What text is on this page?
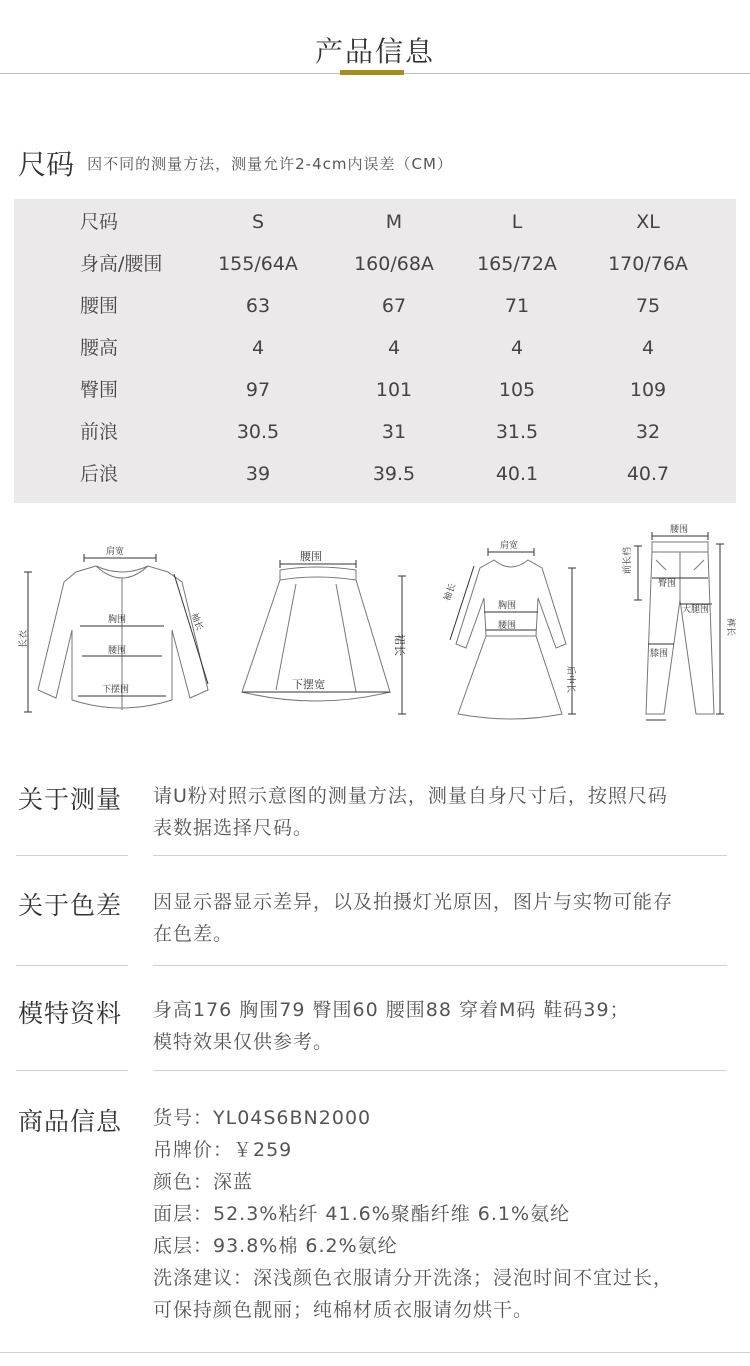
产品信息
尺码 因不同的测量方法，测量允许2-4cm内误差（CM）
尺码	S	M	L	XL
身高/腰围	155/64A	160/68A	165/72A	170/76A
腰围	63	67	71	75
腰高	4	4	4	4
臀围	97	101	105	109
前浪	30.5	31	31.5	32
后浪	39	39.5	40.1	40.7
肩宽
长衣
袖长
胸围
腰围
下摆围
腰围
裙长
下摆宽
肩宽
袖长
胸围
腰围
后中长
腰围
前长档
臀围
大腿围
裤长
膝围
关于测量 请U粉对照示意图的测量方法，测量自身尺寸后，按照尺码
表数据选择尺码。
关于色差 因显示器显示差异，以及拍摄灯光原因，图片与实物可能存
在色差。
模特资料 身高176 胸围79 臀围60 腰围88 穿着M码 鞋码39；
模特效果仅供参考。
商品信息 货号：YL04S6BN2000
吊牌价：￥259
颜色：深蓝
面层：52.3%粘纤 41.6%聚酯纤维 6.1%氨纶
底层：93.8%棉 6.2%氨纶
洗涤建议：深浅颜色衣服请分开洗涤；浸泡时间不宜过长，
可保持颜色靓丽；纯棉材质衣服请勿烘干。
